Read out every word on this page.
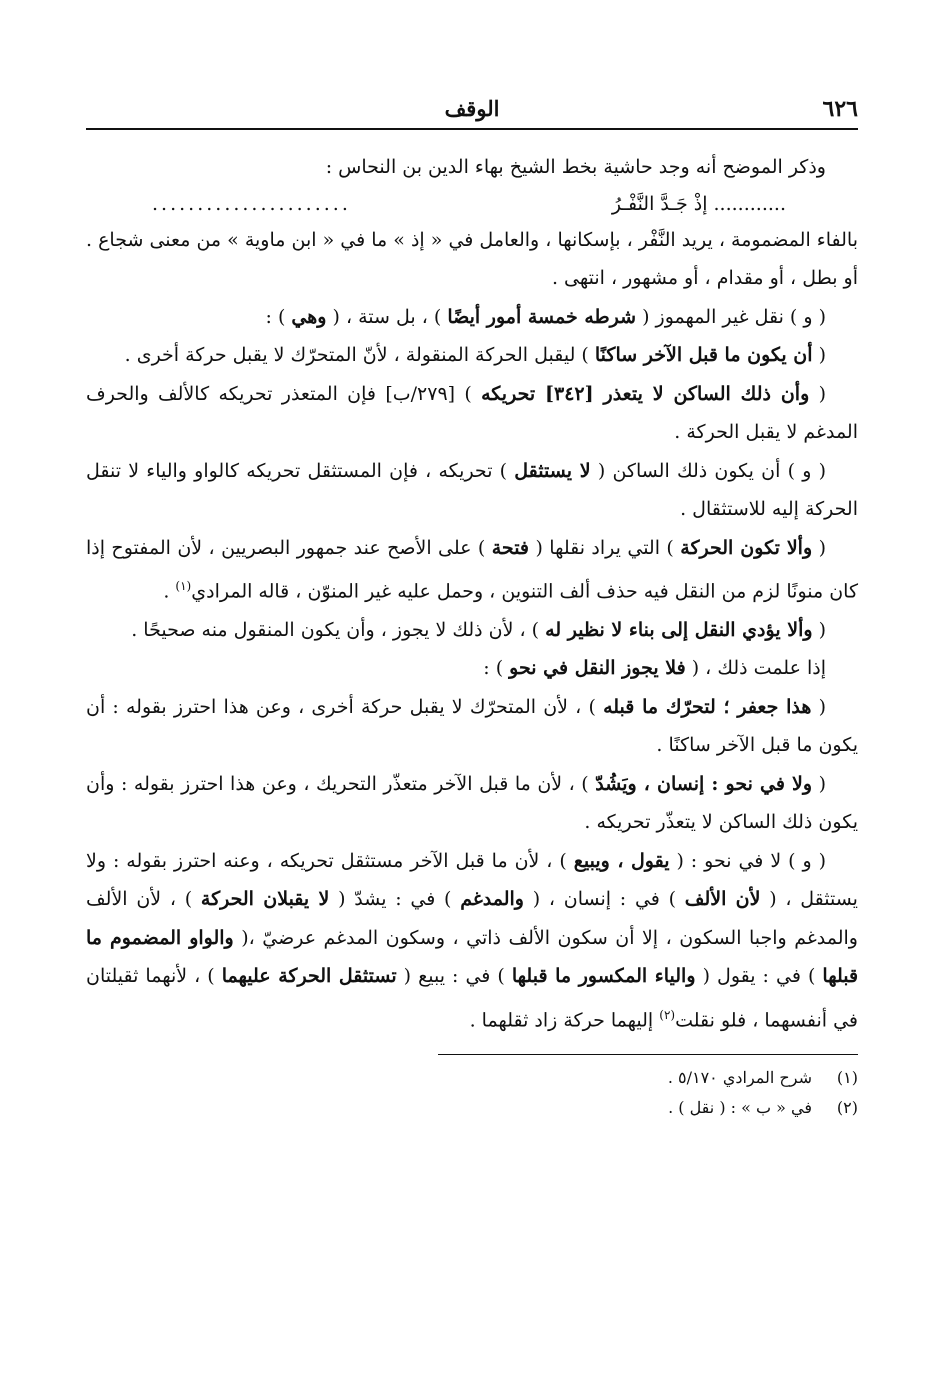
٦٢٦
الوقف

وذكر الموضح أنه وجد حاشية بخط الشيخ بهاء الدين بن النحاس :

............ إذْ جَـدَّ النَّفْـرُ
......................

بالفاء المضمومة ، يريد النَّفْر ، بإسكانها ، والعامل في « إذ » ما في « ابن ماوية » من معنى شجاع . أو بطل ، أو مقدام ، أو مشهور ، انتهى .

( و ) نقل غير المهموز ( شرطه خمسة أمور أيضًا ) ، بل ستة ، ( وهي ) :

( أن يكون ما قبل الآخر ساكنًا ) ليقبل الحركة المنقولة ، لأنّ المتحرّك لا يقبل حركة أخرى .

( وأن ذلك الساكن لا يتعذر [٣٤٢] تحريكه ) [٢٧٩/ب] فإن المتعذر تحريكه كالألف والحرف المدغم لا يقبل الحركة .

( و ) أن يكون ذلك الساكن ( لا يستثقل ) تحريكه ، فإن المستثقل تحريكه كالواو والياء لا تنقل الحركة إليه للاستثقال .

( وألا تكون الحركة ) التي يراد نقلها ( فتحة ) على الأصح عند جمهور البصريين ، لأن المفتوح إذا كان منونًا لزم من النقل فيه حذف ألف التنوين ، وحمل عليه غير المنوّن ، قاله المرادي$^{(١)}$ .

( وألا يؤدي النقل إلى بناء لا نظير له ) ، لأن ذلك لا يجوز ، وأن يكون المنقول منه صحيحًا .

إذا علمت ذلك ، ( فلا يجوز النقل في نحو ) :

( هذا جعفر ؛ لتحرّك ما قبله ) ، لأن المتحرّك لا يقبل حركة أخرى ، وعن هذا احترز بقوله : أن يكون ما قبل الآخر ساكنًا .

( ولا في نحو : إنسان ، ويَشُدّ ) ، لأن ما قبل الآخر متعذّر التحريك ، وعن هذا احترز بقوله : وأن يكون ذلك الساكن لا يتعذّر تحريكه .

( و ) لا في نحو : ( يقول ، ويبيع ) ، لأن ما قبل الآخر مستثقل تحريكه ، وعنه احترز بقوله : ولا يستثقل ، ( لأن الألف ) في : إنسان ، ( والمدغم ) في : يشدّ ( لا يقبلان الحركة ) ، لأن الألف والمدغم واجبا السكون ، إلا أن سكون الألف ذاتي ، وسكون المدغم عرضيّ ،( والواو المضموم ما قبلها ) في : يقول ( والياء المكسور ما قبلها ) في : يبيع ( تستثقل الحركة عليهما ) ، لأنهما ثقيلتان في أنفسهما ، فلو نقلت$^{(٢)}$ إليهما حركة زاد ثقلهما .

(١)
شرح المرادي ٥/١٧٠ .
(٢)
في « ب » : ( نقل ) .
